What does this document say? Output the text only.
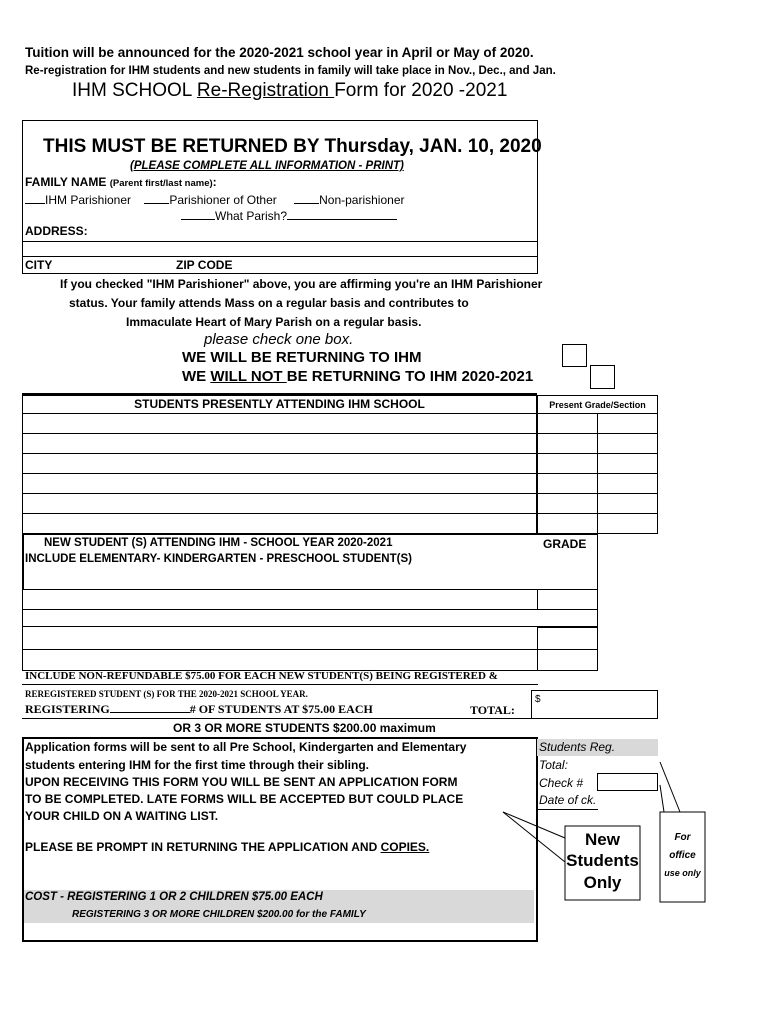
Tuition will be announced for the 2020-2021 school year in April or May of 2020.
Re-registration for IHM students and new students in family will take place in Nov., Dec., and Jan.
IHM SCHOOL Re-Registration Form for 2020 -2021
THIS MUST BE RETURNED BY Thursday, JAN. 10, 2020
(PLEASE COMPLETE ALL INFORMATION - PRINT)
FAMILY NAME (Parent first/last name):
IHM Parishioner	Parishioner of Other	Non-parishioner
What Parish?
ADDRESS:
CITY	ZIP CODE
If you checked "IHM Parishioner" above, you are affirming you're an IHM Parishioner
status. Your family attends Mass on a regular basis and contributes to
Immaculate Heart of Mary Parish on a regular basis.
please check one box.
WE WILL BE RETURNING TO IHM
WE WILL NOT BE RETURNING TO IHM 2020-2021
STUDENTS PRESENTLY ATTENDING IHM SCHOOL	Present Grade/Section
NEW STUDENT (S) ATTENDING IHM - SCHOOL YEAR 2020-2021
INCLUDE ELEMENTARY- KINDERGARTEN - PRESCHOOL STUDENT(S)
GRADE
INCLUDE NON-REFUNDABLE $75.00 FOR EACH NEW STUDENT(S) BEING REGISTERED &
REREGISTERED STUDENT (S) FOR THE 2020-2021 SCHOOL YEAR.
REGISTERING	# OF STUDENTS AT $75.00 EACH	TOTAL:
$
OR 3 OR MORE STUDENTS $200.00 maximum
Application forms will be sent to all Pre School, Kindergarten and Elementary
students entering IHM for the first time through their sibling.
UPON RECEIVING THIS FORM YOU WILL BE SENT AN APPLICATION FORM
TO BE COMPLETED. LATE FORMS WILL BE ACCEPTED BUT COULD PLACE
YOUR CHILD ON A WAITING LIST.
PLEASE BE PROMPT IN RETURNING THE APPLICATION AND COPIES.
COST - REGISTERING 1 OR 2 CHILDREN $75.00 EACH
REGISTERING 3 OR MORE CHILDREN $200.00 for the FAMILY
Students Reg.
Total:
Check #
Date of ck.
New
Students
Only
For
office
use only
